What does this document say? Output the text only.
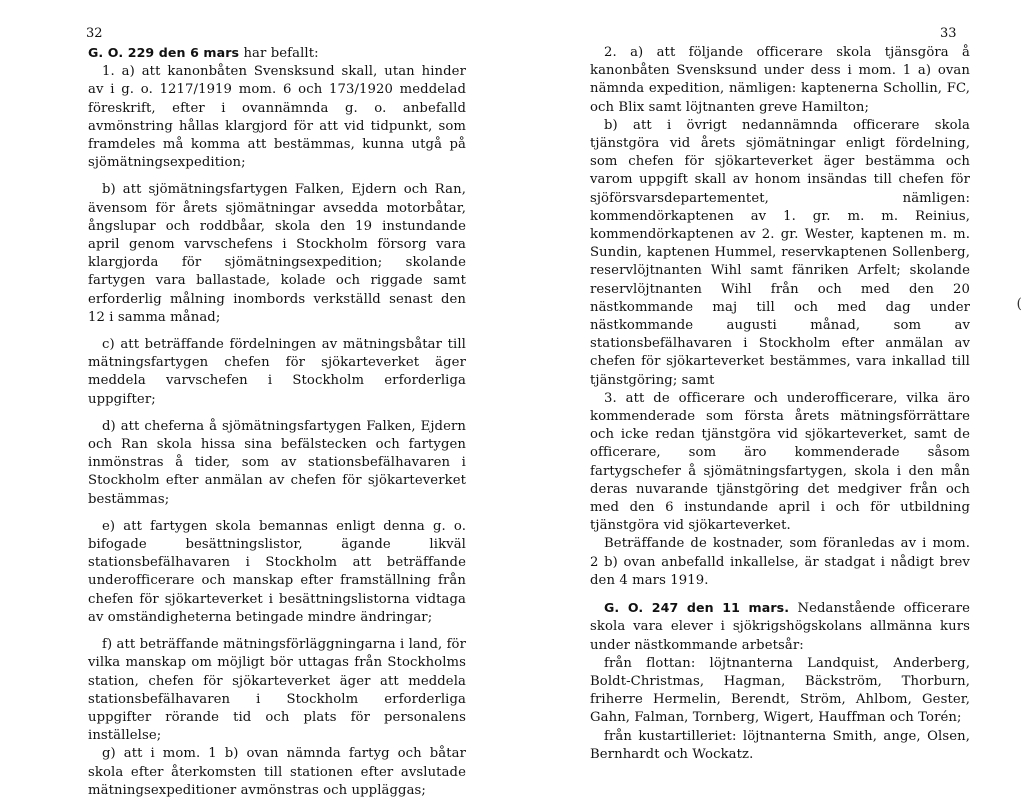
32

G. O. 229 den 6 mars har befallt:

1. a) att kanonbåten Svensksund skall, utan hinder av i g. o. 1217/1919 mom. 6 och 173/1920 meddelad föreskrift, efter i ovannämnda g. o. anbefalld avmönstring hållas klargjord för att vid tidpunkt, som framdeles må komma att bestämmas, kunna utgå på sjömätningsexpedition;

b) att sjömätningsfartygen Falken, Ejdern och Ran, ävensom för årets sjömätningar avsedda motorbåtar, ångslupar och roddbåar, skola den 19 instundande april genom varvschefens i Stockholm försorg vara klargjorda för sjömätningsexpedition; skolande fartygen vara ballastade, kolade och riggade samt erforderlig målning inombords verkställd senast den 12 i samma månad;

c) att beträffande fördelningen av mätningsbåtar till mätningsfartygen chefen för sjökarteverket äger meddela varvschefen i Stockholm erforderliga uppgifter;

d) att cheferna å sjömätningsfartygen Falken, Ejdern och Ran skola hissa sina befälstecken och fartygen inmönstras å tider, som av stationsbefälhavaren i Stockholm efter anmälan av chefen för sjökarteverket bestämmas;

e) att fartygen skola bemannas enligt denna g. o. bifogade besättningslistor, ägande likväl stationsbefälhavaren i Stockholm att beträffande underofficerare och manskap efter framställning från chefen för sjökarteverket i besättningslistorna vidtaga av omständigheterna betingade mindre ändringar;

f) att beträffande mätningsförläggningarna i land, för vilka manskap om möjligt bör uttagas från Stockholms station, chefen för sjökarteverket äger att meddela stationsbefälhavaren i Stockholm erforderliga uppgifter rörande tid och plats för personalens inställelse;

g) att i mom. 1 b) ovan nämnda fartyg och båtar skola efter återkomsten till stationen efter avslutade mätningsexpeditioner avmönstras och uppläggas;

33

2. a) att följande officerare skola tjänsgöra å kanonbåten Svensksund under dess i mom. 1 a) ovan nämnda expedition, nämligen: kaptenerna Schollin, FC, och Blix samt löjtnanten greve Hamilton;

b) att i övrigt nedannämnda officerare skola tjänstgöra vid årets sjömätningar enligt fördelning, som chefen för sjökarteverket äger bestämma och varom uppgift skall av honom insändas till chefen för sjöförsvarsdepartementet, nämligen: kommendörkaptenen av 1. gr. m. m. Reinius, kommendörkaptenen av 2. gr. Wester, kaptenen m. m. Sundin, kaptenen Hummel, reservkaptenen Sollenberg, reservlöjtnanten Wihl samt fänriken Arfelt; skolande reservlöjtnanten Wihl från och med den 20 nästkommande maj till och med dag under nästkommande augusti månad, som av stationsbefälhavaren i Stockholm efter anmälan av chefen för sjökarteverket bestämmes, vara inkallad till tjänstgöring; samt

3. att de officerare och underofficerare, vilka äro kommenderade som första årets mätningsförrättare och icke redan tjänstgöra vid sjökarteverket, samt de officerare, som äro kommenderade såsom fartygschefer å sjömätningsfartygen, skola i den mån deras nuvarande tjänstgöring det medgiver från och med den 6 instundande april i och för utbildning tjänstgöra vid sjökarteverket.

Beträffande de kostnader, som föranledas av i mom. 2 b) ovan anbefalld inkallelse, är stadgat i nådigt brev den 4 mars 1919.

G. O. 247 den 11 mars. Nedanstående officerare skola vara elever i sjökrigshögskolans allmänna kurs under nästkommande arbetsår:

från flottan: löjtnanterna Landquist, Anderberg, Boldt-Christmas, Hagman, Bäckström, Thorburn, friherre Hermelin, Berendt, Ström, Ahlbom, Gester, Gahn, Falman, Tornberg, Wigert, Hauffman och Torén;

från kustartilleriet: löjtnanterna Smith, ange, Olsen, Bernhardt och Wockatz.

(
